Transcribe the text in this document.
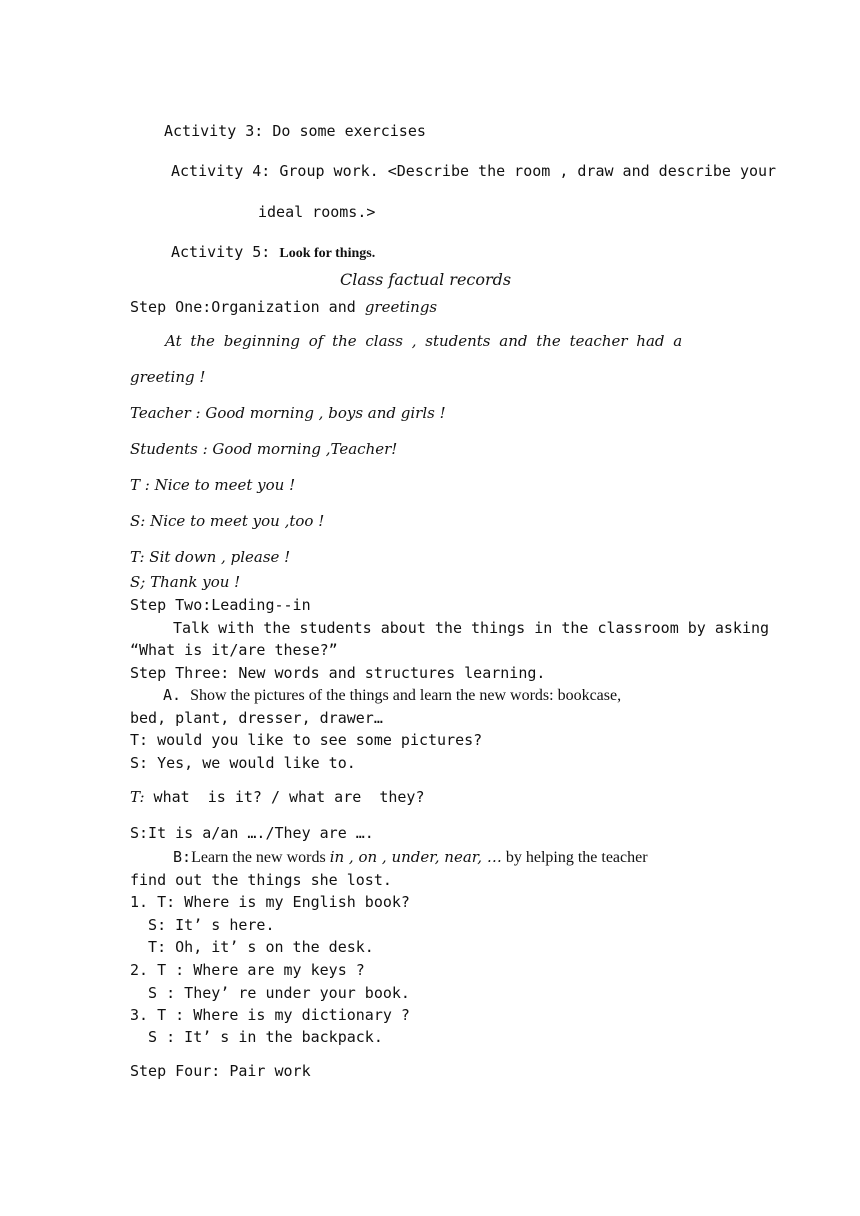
Activity 3: Do some exercises
Activity 4: Group work. <Describe the room , draw and describe your
ideal rooms.>
Activity 5: Look for things.
Class factual records
Step One:Organization and greetings
At the beginning of the class , students and the teacher had a
greeting !
Teacher : Good morning , boys and girls !
Students : Good morning ,Teacher!
T : Nice to meet you !
S: Nice to meet you ,too !
T: Sit down , please !
S; Thank you !
Step Two:Leading--in
Talk with the students about the things in the classroom by asking
“What is it/are these?”
Step Three: New words and structures learning.
A. Show the pictures of the things and learn the new words: bookcase,
bed, plant, dresser, drawer…
T: would you like to see some pictures?
S: Yes, we would like to.
T: what  is it? / what are  they?
S:It is a/an …./They are ….
B:Learn the new words in , on , under, near, … by helping the teacher
find out the things she lost.
1. T: Where is my English book?
S: It’ s here.
T: Oh, it’ s on the desk.
2. T : Where are my keys ?
S : They’ re under your book.
3. T : Where is my dictionary ?
S : It’ s in the backpack.
Step Four: Pair work
